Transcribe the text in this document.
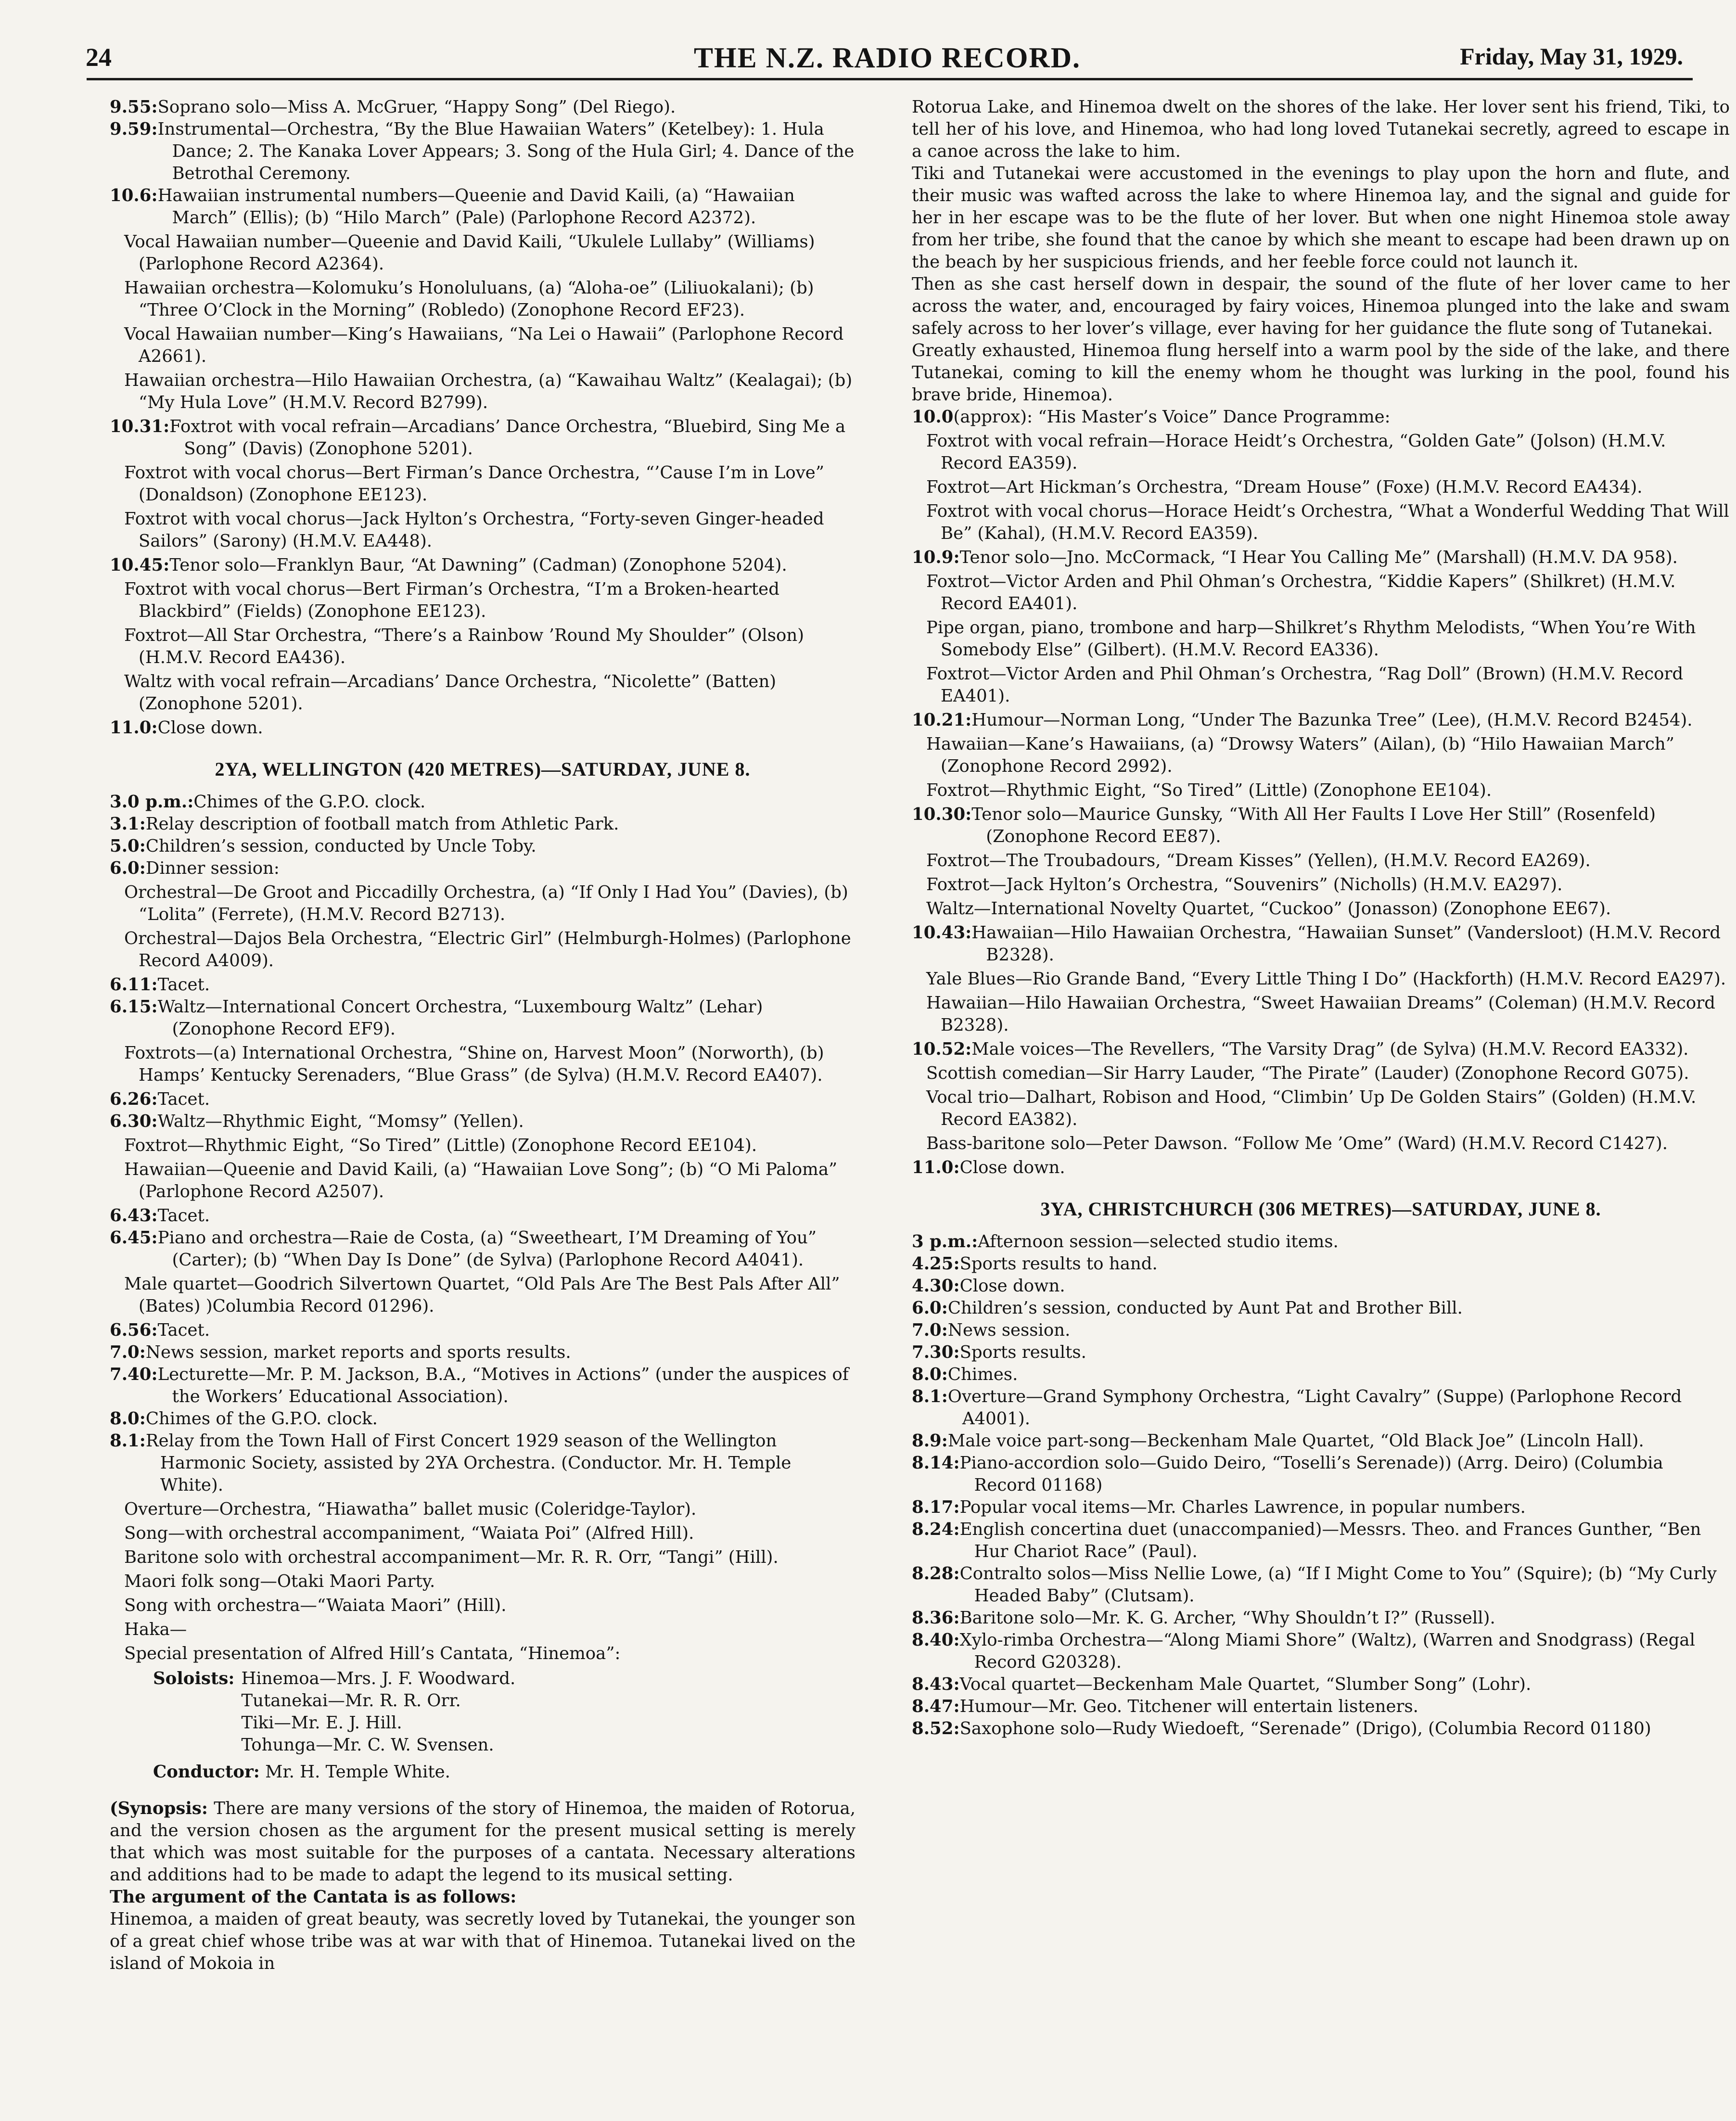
24	THE N.Z. RADIO RECORD.	Friday, May 31, 1929.
9.55: Soprano solo—Miss A. McGruer, “Happy Song” (Del Riego).
9.59: Instrumental—Orchestra, “By the Blue Hawaiian Waters” (Ketelbey): 1. Hula Dance; 2. The Kanaka Lover Appears; 3. Song of the Hula Girl; 4. Dance of the Betrothal Ceremony.
10.6: Hawaiian instrumental numbers—Queenie and David Kaili, (a) “Hawaiian March” (Ellis); (b) “Hilo March” (Pale) (Parlophone Record A2372).
Vocal Hawaiian number—Queenie and David Kaili, “Ukulele Lullaby” (Williams) (Parlophone Record A2364).
Hawaiian orchestra—Kolomuku’s Honoluluans, (a) “Aloha-oe” (Liliuokalani); (b) “Three O’Clock in the Morning” (Robledo) (Zonophone Record EF23).
Vocal Hawaiian number—King’s Hawaiians, “Na Lei o Hawaii” (Parlophone Record A2661).
Hawaiian orchestra—Hilo Hawaiian Orchestra, (a) “Kawaihau Waltz” (Kealagai); (b) “My Hula Love” (H.M.V. Record B2799).
10.31: Foxtrot with vocal refrain—Arcadians’ Dance Orchestra, “Bluebird, Sing Me a Song” (Davis) (Zonophone 5201).
Foxtrot with vocal chorus—Bert Firman’s Dance Orchestra, “’Cause I’m in Love” (Donaldson) (Zonophone EE123).
Foxtrot with vocal chorus—Jack Hylton’s Orchestra, “Forty-seven Ginger-headed Sailors” (Sarony) (H.M.V. EA448).
10.45: Tenor solo—Franklyn Baur, “At Dawning” (Cadman) (Zonophone 5204).
Foxtrot with vocal chorus—Bert Firman’s Orchestra, “I’m a Broken-hearted Blackbird” (Fields) (Zonophone EE123).
Foxtrot—All Star Orchestra, “There’s a Rainbow ’Round My Shoulder” (Olson) (H.M.V. Record EA436).
Waltz with vocal refrain—Arcadians’ Dance Orchestra, “Nicolette” (Batten) (Zonophone 5201).
11.0: Close down.
2YA, WELLINGTON (420 METRES)—SATURDAY, JUNE 8.
3.0 p.m.: Chimes of the G.P.O. clock.
3.1: Relay description of football match from Athletic Park.
5.0: Children’s session, conducted by Uncle Toby.
6.0: Dinner session:
Orchestral—De Groot and Piccadilly Orchestra, (a) “If Only I Had You” (Davies), (b) “Lolita” (Ferrete), (H.M.V. Record B2713).
Orchestral—Dajos Bela Orchestra, “Electric Girl” (Helmburgh-Holmes) (Parlophone Record A4009).
6.11: Tacet.
6.15: Waltz—International Concert Orchestra, “Luxembourg Waltz” (Lehar) (Zonophone Record EF9).
Foxtrots—(a) International Orchestra, “Shine on, Harvest Moon” (Norworth), (b) Hamps’ Kentucky Serenaders, “Blue Grass” (de Sylva) (H.M.V. Record EA407).
6.26: Tacet.
6.30: Waltz—Rhythmic Eight, “Momsy” (Yellen).
Foxtrot—Rhythmic Eight, “So Tired” (Little) (Zonophone Record EE104).
Hawaiian—Queenie and David Kaili, (a) “Hawaiian Love Song”; (b) “O Mi Paloma” (Parlophone Record A2507).
6.43: Tacet.
6.45: Piano and orchestra—Raie de Costa, (a) “Sweetheart, I’M Dreaming of You” (Carter); (b) “When Day Is Done” (de Sylva) (Parlophone Record A4041).
Male quartet—Goodrich Silvertown Quartet, “Old Pals Are The Best Pals After All” (Bates) )Columbia Record 01296).
6.56: Tacet.
7.0: News session, market reports and sports results.
7.40: Lecturette—Mr. P. M. Jackson, B.A., “Motives in Actions” (under the auspices of the Workers’ Educational Association).
8.0: Chimes of the G.P.O. clock.
8.1: Relay from the Town Hall of First Concert 1929 season of the Wellington Harmonic Society, assisted by 2YA Orchestra. (Conductor. Mr. H. Temple White).
Overture—Orchestra, “Hiawatha” ballet music (Coleridge-Taylor).
Song—with orchestral accompaniment, “Waiata Poi” (Alfred Hill).
Baritone solo with orchestral accompaniment—Mr. R. R. Orr, “Tangi” (Hill).
Maori folk song—Otaki Maori Party.
Song with orchestra—“Waiata Maori” (Hill).
Haka—
Special presentation of Alfred Hill’s Cantata, “Hinemoa”:
Soloists: Hinemoa—Mrs. J. F. Woodward.
Tutanekai—Mr. R. R. Orr.
Tiki—Mr. E. J. Hill.
Tohunga—Mr. C. W. Svensen.
Conductor: Mr. H. Temple White.

(Synopsis: There are many versions of the story of Hinemoa, the maiden of Rotorua, and the version chosen as the argument for the present musical setting is merely that which was most suitable for the purposes of a cantata. Necessary alterations and additions had to be made to adapt the legend to its musical setting.

The argument of the Cantata is as follows:

Hinemoa, a maiden of great beauty, was secretly loved by Tutanekai, the younger son of a great chief whose tribe was at war with that of Hinemoa. Tutanekai lived on the island of Mokoia in

Rotorua Lake, and Hinemoa dwelt on the shores of the lake. Her lover sent his friend, Tiki, to tell her of his love, and Hinemoa, who had long loved Tutanekai secretly, agreed to escape in a canoe across the lake to him.

Tiki and Tutanekai were accustomed in the evenings to play upon the horn and flute, and their music was wafted across the lake to where Hinemoa lay, and the signal and guide for her in her escape was to be the flute of her lover. But when one night Hinemoa stole away from her tribe, she found that the canoe by which she meant to escape had been drawn up on the beach by her suspicious friends, and her feeble force could not launch it.

Then as she cast herself down in despair, the sound of the flute of her lover came to her across the water, and, encouraged by fairy voices, Hinemoa plunged into the lake and swam safely across to her lover’s village, ever having for her guidance the flute song of Tutanekai.

Greatly exhausted, Hinemoa flung herself into a warm pool by the side of the lake, and there Tutanekai, coming to kill the enemy whom he thought was lurking in the pool, found his brave bride, Hinemoa).

10.0 (approx): “His Master’s Voice” Dance Programme:
Foxtrot with vocal refrain—Horace Heidt’s Orchestra, “Golden Gate” (Jolson) (H.M.V. Record EA359).
Foxtrot—Art Hickman’s Orchestra, “Dream House” (Foxe) (H.M.V. Record EA434).
Foxtrot with vocal chorus—Horace Heidt’s Orchestra, “What a Wonderful Wedding That Will Be” (Kahal), (H.M.V. Record EA359).
10.9: Tenor solo—Jno. McCormack, “I Hear You Calling Me” (Marshall) (H.M.V. DA 958).
Foxtrot—Victor Arden and Phil Ohman’s Orchestra, “Kiddie Kapers” (Shilkret) (H.M.V. Record EA401).
Pipe organ, piano, trombone and harp—Shilkret’s Rhythm Melodists, “When You’re With Somebody Else” (Gilbert). (H.M.V. Record EA336).
Foxtrot—Victor Arden and Phil Ohman’s Orchestra, “Rag Doll” (Brown) (H.M.V. Record EA401).
10.21: Humour—Norman Long, “Under The Bazunka Tree” (Lee), (H.M.V. Record B2454).
Hawaiian—Kane’s Hawaiians, (a) “Drowsy Waters” (Ailan), (b) “Hilo Hawaiian March” (Zonophone Record 2992).
Foxtrot—Rhythmic Eight, “So Tired” (Little) (Zonophone EE104).
10.30: Tenor solo—Maurice Gunsky, “With All Her Faults I Love Her Still” (Rosenfeld) (Zonophone Record EE87).
Foxtrot—The Troubadours, “Dream Kisses” (Yellen), (H.M.V. Record EA269).
Foxtrot—Jack Hylton’s Orchestra, “Souvenirs” (Nicholls) (H.M.V. EA297).
Waltz—International Novelty Quartet, “Cuckoo” (Jonasson) (Zonophone EE67).
10.43: Hawaiian—Hilo Hawaiian Orchestra, “Hawaiian Sunset” (Vandersloot) (H.M.V. Record B2328).
Yale Blues—Rio Grande Band, “Every Little Thing I Do” (Hackforth) (H.M.V. Record EA297).
Hawaiian—Hilo Hawaiian Orchestra, “Sweet Hawaiian Dreams” (Coleman) (H.M.V. Record B2328).
10.52: Male voices—The Revellers, “The Varsity Drag” (de Sylva) (H.M.V. Record EA332).
Scottish comedian—Sir Harry Lauder, “The Pirate” (Lauder) (Zonophone Record G075).
Vocal trio—Dalhart, Robison and Hood, “Climbin’ Up De Golden Stairs” (Golden) (H.M.V. Record EA382).
Bass-baritone solo—Peter Dawson. “Follow Me ’Ome” (Ward) (H.M.V. Record C1427).
11.0: Close down.
3YA, CHRISTCHURCH (306 METRES)—SATURDAY, JUNE 8.
3 p.m.: Afternoon session—selected studio items.
4.25: Sports results to hand.
4.30: Close down.
6.0: Children’s session, conducted by Aunt Pat and Brother Bill.
7.0: News session.
7.30: Sports results.
8.0: Chimes.
8.1: Overture—Grand Symphony Orchestra, “Light Cavalry” (Suppe) (Parlophone Record A4001).
8.9: Male voice part-song—Beckenham Male Quartet, “Old Black Joe” (Lincoln Hall).
8.14: Piano-accordion solo—Guido Deiro, “Toselli’s Serenade)) (Arrg. Deiro) (Columbia Record 01168)
8.17: Popular vocal items—Mr. Charles Lawrence, in popular numbers.
8.24: English concertina duet (unaccompanied)—Messrs. Theo. and Frances Gunther, “Ben Hur Chariot Race” (Paul).
8.28: Contralto solos—Miss Nellie Lowe, (a) “If I Might Come to You” (Squire); (b) “My Curly Headed Baby” (Clutsam).
8.36: Baritone solo—Mr. K. G. Archer, “Why Shouldn’t I?” (Russell).
8.40: Xylo-rimba Orchestra—“Along Miami Shore” (Waltz), (Warren and Snodgrass) (Regal Record G20328).
8.43: Vocal quartet—Beckenham Male Quartet, “Slumber Song” (Lohr).
8.47: Humour—Mr. Geo. Titchener will entertain listeners.
8.52: Saxophone solo—Rudy Wiedoeft, “Serenade” (Drigo), (Columbia Record 01180)
